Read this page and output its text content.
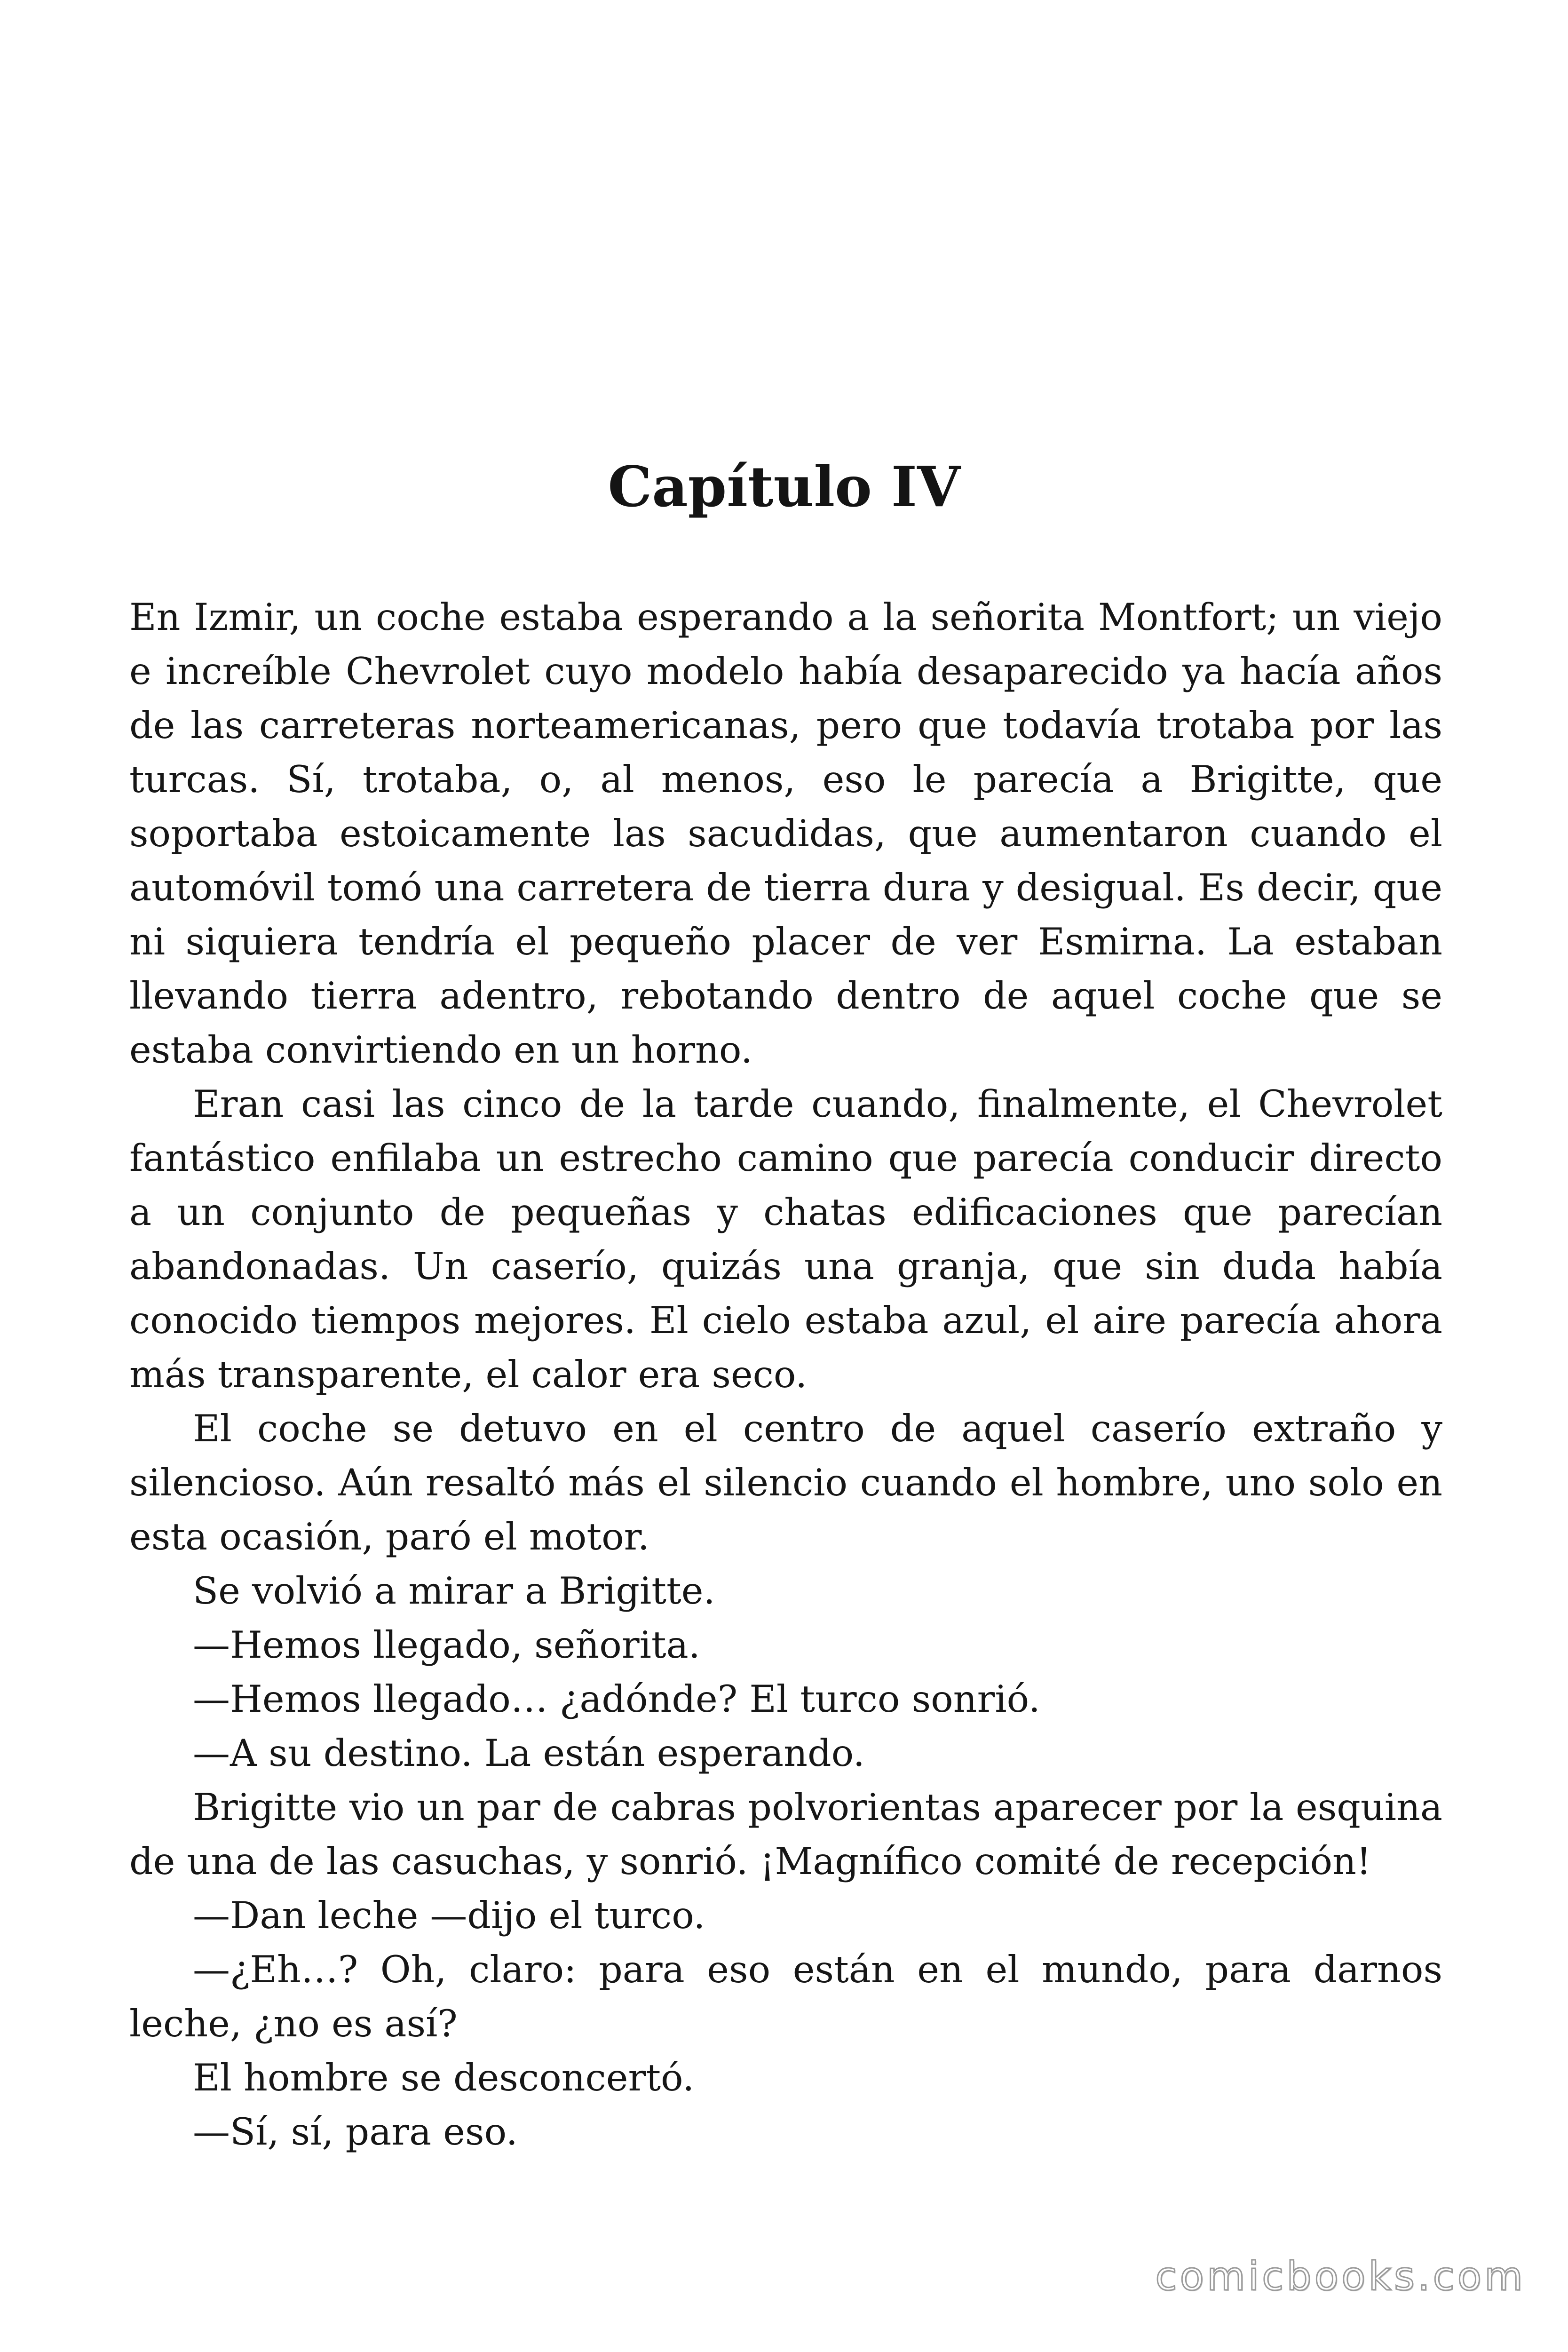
Capítulo IV

En Izmir, un coche estaba esperando a la señorita Montfort; un viejo e increíble Chevrolet cuyo modelo había desaparecido ya hacía años de las carreteras norteamericanas, pero que todavía trotaba por las turcas. Sí, trotaba, o, al menos, eso le parecía a Brigitte, que soportaba estoicamente las sacudidas, que aumentaron cuando el automóvil tomó una carretera de tierra dura y desigual. Es decir, que ni siquiera tendría el pequeño placer de ver Esmirna. La estaban llevando tierra adentro, rebotando dentro de aquel coche que se estaba convirtiendo en un horno.

Eran casi las cinco de la tarde cuando, finalmente, el Chevrolet fantástico enfilaba un estrecho camino que parecía conducir directo a un conjunto de pequeñas y chatas edificaciones que parecían abandonadas. Un caserío, quizás una granja, que sin duda había conocido tiempos mejores. El cielo estaba azul, el aire parecía ahora más transparente, el calor era seco.

El coche se detuvo en el centro de aquel caserío extraño y silencioso. Aún resaltó más el silencio cuando el hombre, uno solo en esta ocasión, paró el motor.

Se volvió a mirar a Brigitte.

—Hemos llegado, señorita.

—Hemos llegado… ¿adónde? El turco sonrió.

—A su destino. La están esperando.

Brigitte vio un par de cabras polvorientas aparecer por la esquina de una de las casuchas, y sonrió. ¡Magnífico comité de recepción!

—Dan leche —dijo el turco.

—¿Eh…? Oh, claro: para eso están en el mundo, para darnos leche, ¿no es así?

El hombre se desconcertó.

—Sí, sí, para eso.

comicbooks.com
